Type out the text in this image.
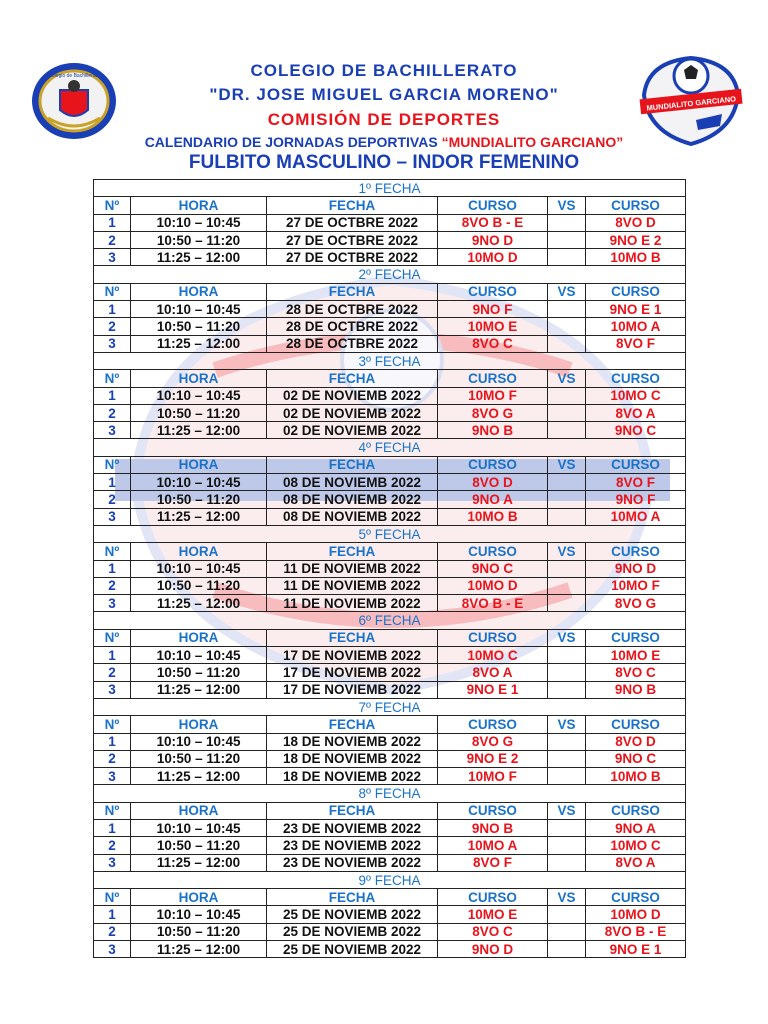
Colegio de Bachillerato
MUNDIALITO GARCIANO
COLEGIO DE BACHILLERATO
"DR. JOSE MIGUEL GARCIA MORENO"
COMISIÓN DE DEPORTES
CALENDARIO DE JORNADAS DEPORTIVAS “MUNDIALITO GARCIANO”
FULBITO MASCULINO – INDOR FEMENINO
1º FECHA					
Nº	HORA	FECHA	CURSO	VS	CURSO
1	10:10 – 10:45	27 DE OCTBRE 2022	8VO B - E		8VO D
2	10:50 – 11:20	27 DE OCTBRE 2022	9NO D		9NO E 2
3	11:25 – 12:00	27 DE OCTBRE 2022	10MO D		10MO B
2º FECHA					
Nº	HORA	FECHA	CURSO	VS	CURSO
1	10:10 – 10:45	28 DE OCTBRE 2022	9NO F		9NO E 1
2	10:50 – 11:20	28 DE OCTBRE 2022	10MO E		10MO A
3	11:25 – 12:00	28 DE OCTBRE 2022	8VO C		8VO F
3º FECHA					
Nº	HORA	FECHA	CURSO	VS	CURSO
1	10:10 – 10:45	02 DE NOVIEMB 2022	10MO F		10MO C
2	10:50 – 11:20	02 DE NOVIEMB 2022	8VO G		8VO A
3	11:25 – 12:00	02 DE NOVIEMB 2022	9NO B		9NO C
4º FECHA					
Nº	HORA	FECHA	CURSO	VS	CURSO
1	10:10 – 10:45	08 DE NOVIEMB 2022	8VO D		8VO F
2	10:50 – 11:20	08 DE NOVIEMB 2022	9NO A		9NO F
3	11:25 – 12:00	08 DE NOVIEMB 2022	10MO B		10MO A
5º FECHA					
Nº	HORA	FECHA	CURSO	VS	CURSO
1	10:10 – 10:45	11 DE NOVIEMB 2022	9NO C		9NO D
2	10:50 – 11:20	11 DE NOVIEMB 2022	10MO D		10MO F
3	11:25 – 12:00	11 DE NOVIEMB 2022	8VO B - E		8VO G
6º FECHA					
Nº	HORA	FECHA	CURSO	VS	CURSO
1	10:10 – 10:45	17 DE NOVIEMB 2022	10MO C		10MO E
2	10:50 – 11:20	17 DE NOVIEMB 2022	8VO A		8VO C
3	11:25 – 12:00	17 DE NOVIEMB 2022	9NO E 1		9NO B
7º FECHA					
Nº	HORA	FECHA	CURSO	VS	CURSO
1	10:10 – 10:45	18 DE NOVIEMB 2022	8VO G		8VO D
2	10:50 – 11:20	18 DE NOVIEMB 2022	9NO E 2		9NO C
3	11:25 – 12:00	18 DE NOVIEMB 2022	10MO F		10MO B
8º FECHA					
Nº	HORA	FECHA	CURSO	VS	CURSO
1	10:10 – 10:45	23 DE NOVIEMB 2022	9NO B		9NO A
2	10:50 – 11:20	23 DE NOVIEMB 2022	10MO A		10MO C
3	11:25 – 12:00	23 DE NOVIEMB 2022	8VO F		8VO A
9º FECHA					
Nº	HORA	FECHA	CURSO	VS	CURSO
1	10:10 – 10:45	25 DE NOVIEMB 2022	10MO E		10MO D
2	10:50 – 11:20	25 DE NOVIEMB 2022	8VO C		8VO B - E
3	11:25 – 12:00	25 DE NOVIEMB 2022	9NO D		9NO E 1
